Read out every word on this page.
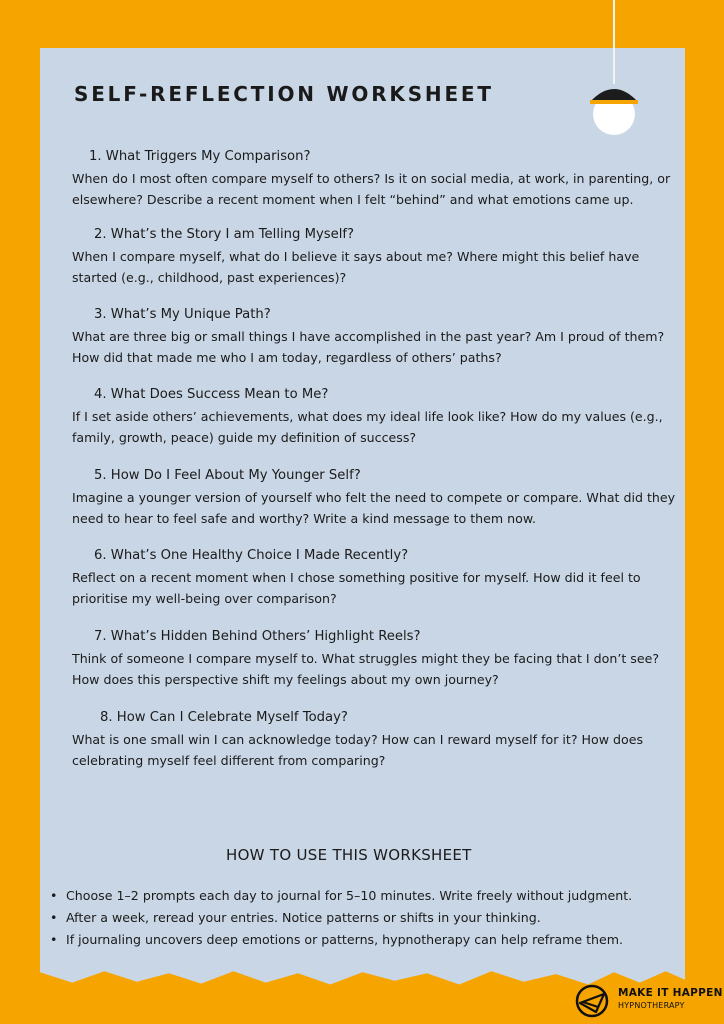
SELF-REFLECTION WORKSHEET
1. What Triggers My Comparison?

When do I most often compare myself to others? Is it on social media, at work, in parenting, or elsewhere? Describe a recent moment when I felt “behind” and what emotions came up.

2. What’s the Story I am Telling Myself?

When I compare myself, what do I believe it says about me? Where might this belief have started (e.g., childhood, past experiences)?

3. What’s My Unique Path?

What are three big or small things I have accomplished in the past year? Am I proud of them? How did that made me who I am today, regardless of others’ paths?

4. What Does Success Mean to Me?

If I set aside others’ achievements, what does my ideal life look like? How do my values (e.g., family, growth, peace) guide my definition of success?

5. How Do I Feel About My Younger Self?

Imagine a younger version of yourself who felt the need to compete or compare. What did they need to hear to feel safe and worthy? Write a kind message to them now.

6. What’s One Healthy Choice I Made Recently?

Reflect on a recent moment when I chose something positive for myself. How did it feel to prioritise my well-being over comparison?

7. What’s Hidden Behind Others’ Highlight Reels?

Think of someone I compare myself to. What struggles might they be facing that I don’t see? How does this perspective shift my feelings about my own journey?

8. How Can I Celebrate Myself Today?

What is one small win I can acknowledge today? How can I reward myself for it? How does celebrating myself feel different from comparing?

HOW TO USE THIS WORKSHEET
• Choose 1–2 prompts each day to journal for 5–10 minutes. Write freely without judgment.
• After a week, reread your entries. Notice patterns or shifts in your thinking.
• If journaling uncovers deep emotions or patterns, hypnotherapy can help reframe them.
MAKE IT HAPPEN
HYPNOTHERAPY
